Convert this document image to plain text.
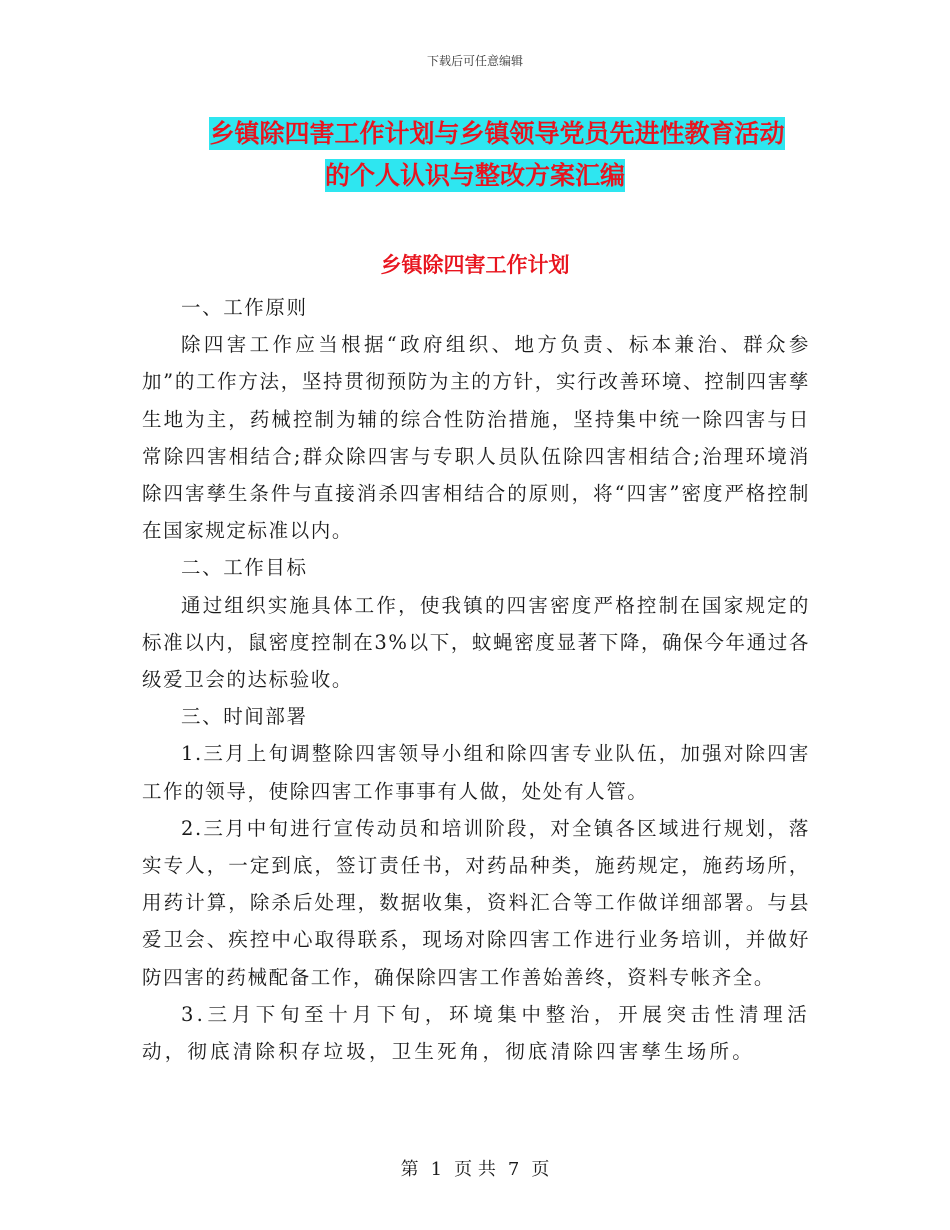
下载后可任意编辑
乡镇除四害工作计划与乡镇领导党员先进性教育活动
的个人认识与整改方案汇编
乡镇除四害工作计划

一、工作原则

除四害工作应当根据“政府组织、地方负责、标本兼治、群众参加”的工作方法，坚持贯彻预防为主的方针，实行改善环境、控制四害孳生地为主，药械控制为辅的综合性防治措施，坚持集中统一除四害与日常除四害相结合;群众除四害与专职人员队伍除四害相结合;治理环境消除四害孳生条件与直接消杀四害相结合的原则，将“四害”密度严格控制在国家规定标准以内。

二、工作目标

通过组织实施具体工作，使我镇的四害密度严格控制在国家规定的标准以内，鼠密度控制在3%以下，蚊蝇密度显著下降，确保今年通过各级爱卫会的达标验收。

三、时间部署

1.三月上旬调整除四害领导小组和除四害专业队伍，加强对除四害工作的领导，使除四害工作事事有人做，处处有人管。

2.三月中旬进行宣传动员和培训阶段，对全镇各区域进行规划，落实专人，一定到底，签订责任书，对药品种类，施药规定，施药场所，用药计算，除杀后处理，数据收集，资料汇合等工作做详细部署。与县爱卫会、疾控中心取得联系，现场对除四害工作进行业务培训，并做好防四害的药械配备工作，确保除四害工作善始善终，资料专帐齐全。

3.三月下旬至十月下旬，环境集中整治，开展突击性清理活动，彻底清除积存垃圾，卫生死角，彻底清除四害孳生场所。

第 1 页 共 7 页
